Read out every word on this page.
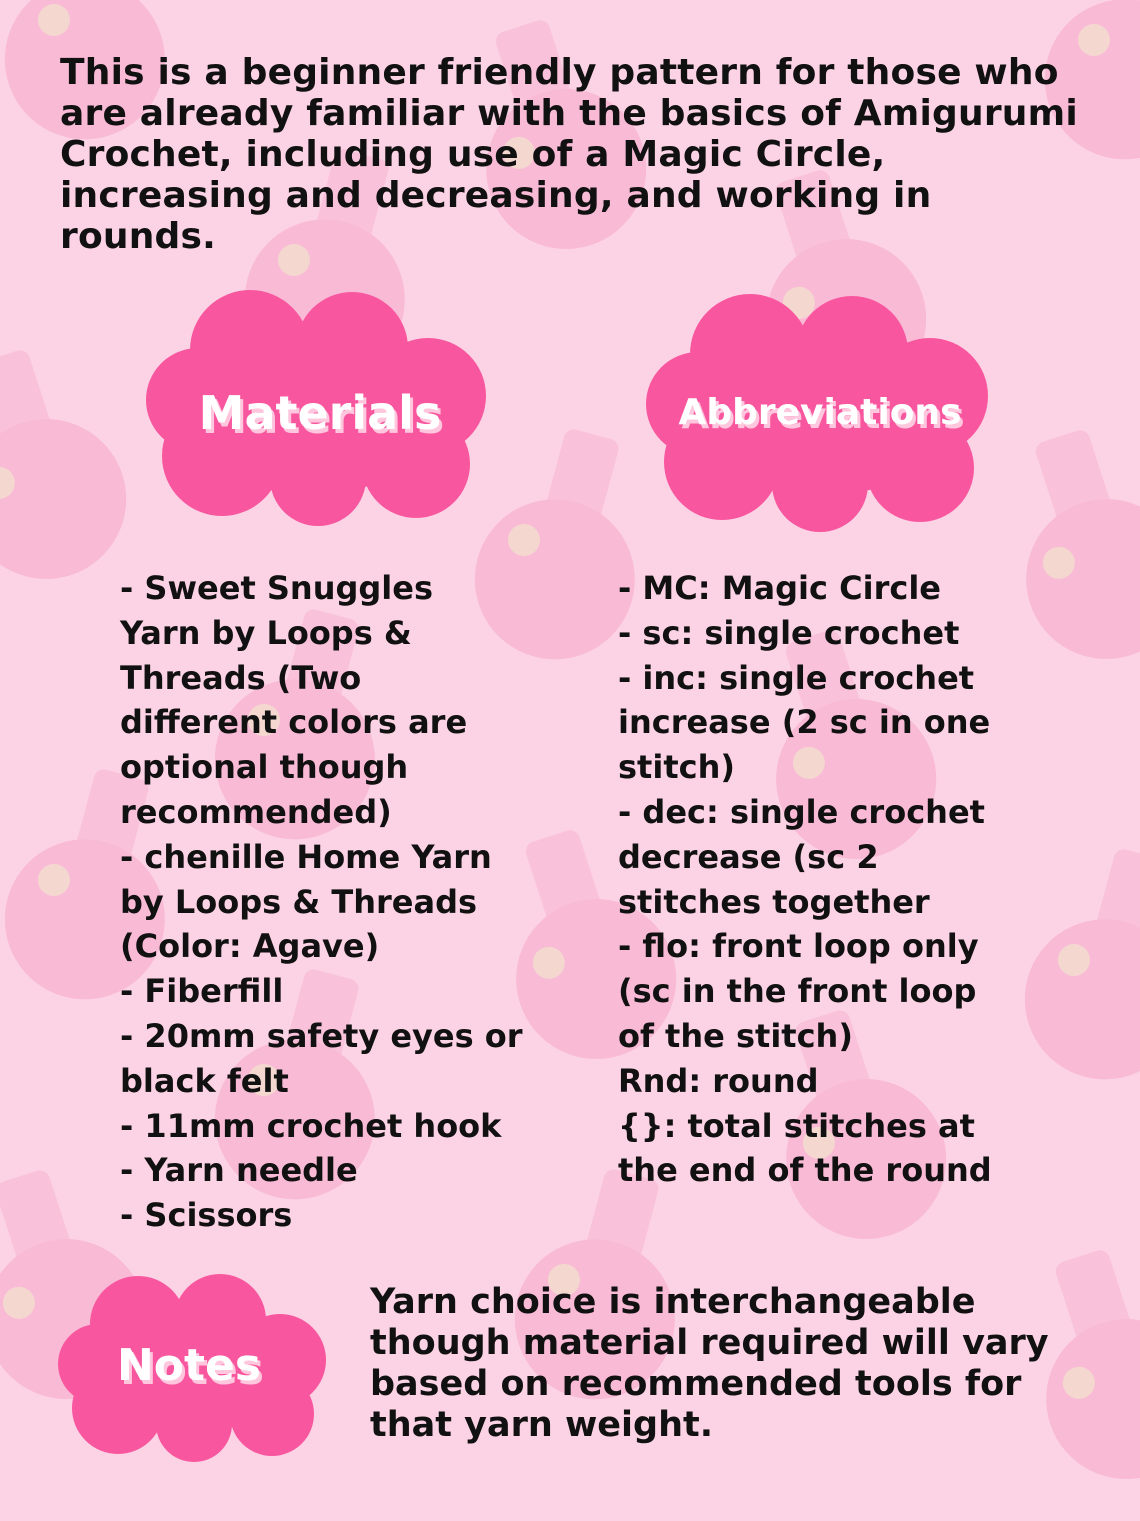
This is a beginner friendly pattern for those who are already familiar with the basics of Amigurumi Crochet, including use of a Magic Circle, increasing and decreasing, and working in rounds.

Materials	Abbreviations
- Sweet Snuggles
Yarn by Loops &
Threads (Two
different colors are
optional though
recommended)
- chenille Home Yarn
by Loops & Threads
(Color: Agave)
- Fiberfill
- 20mm safety eyes or
black felt
- 11mm crochet hook
- Yarn needle
- Scissors
- MC: Magic Circle
- sc: single crochet
- inc: single crochet
increase (2 sc in one
stitch)
- dec: single crochet
decrease (sc 2
stitches together
- flo: front loop only
(sc in the front loop
of the stitch)
Rnd: round
{}: total stitches at
the end of the round
Notes

Yarn choice is interchangeable though material required will vary based on recommended tools for that yarn weight.
